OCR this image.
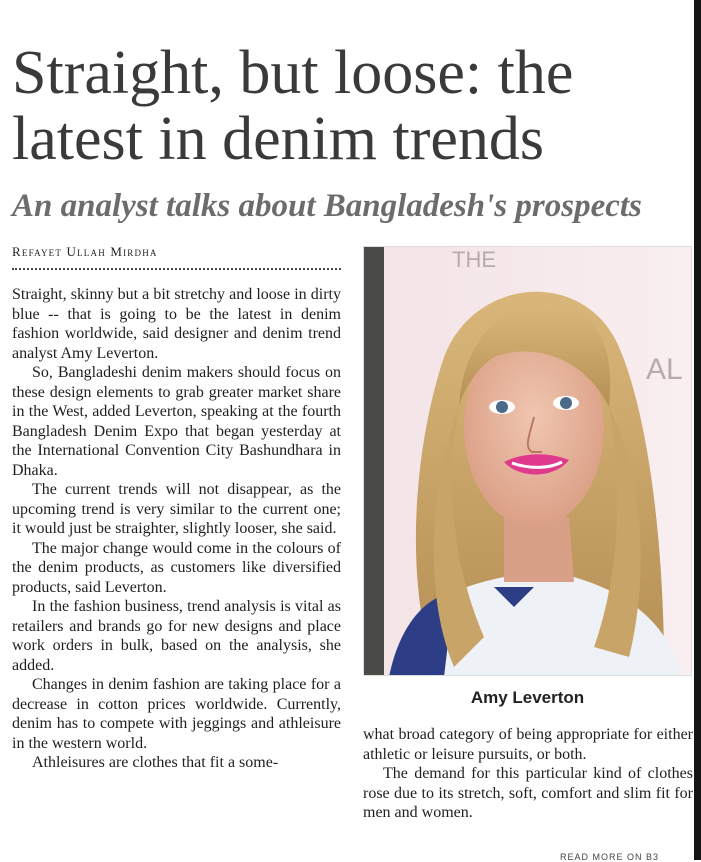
Straight, but loose: the latest in denim trends
An analyst talks about Bangladesh's prospects
Refayet Ullah Mirdha

Straight, skinny but a bit stretchy and loose in dirty blue -- that is going to be the latest in denim fashion worldwide, said designer and denim trend analyst Amy Leverton.

So, Bangladeshi denim makers should focus on these design elements to grab greater market share in the West, added Leverton, speaking at the fourth Bangladesh Denim Expo that began yesterday at the International Convention City Bashundhara in Dhaka.

The current trends will not disappear, as the upcoming trend is very similar to the current one; it would just be straighter, slightly looser, she said.

The major change would come in the colours of the denim products, as customers like diversified products, said Leverton.

In the fashion business, trend analysis is vital as retailers and brands go for new designs and place work orders in bulk, based on the analysis, she added.

Changes in denim fashion are taking place for a decrease in cotton prices worldwide. Currently, denim has to compete with jeggings and athleisure in the western world.

Athleisures are clothes that fit a some-

THE
AL
Amy Leverton

what broad category of being appropriate for either athletic or leisure pursuits, or both.

The demand for this particular kind of clothes rose due to its stretch, soft, comfort and slim fit for men and women.

READ MORE ON B3
